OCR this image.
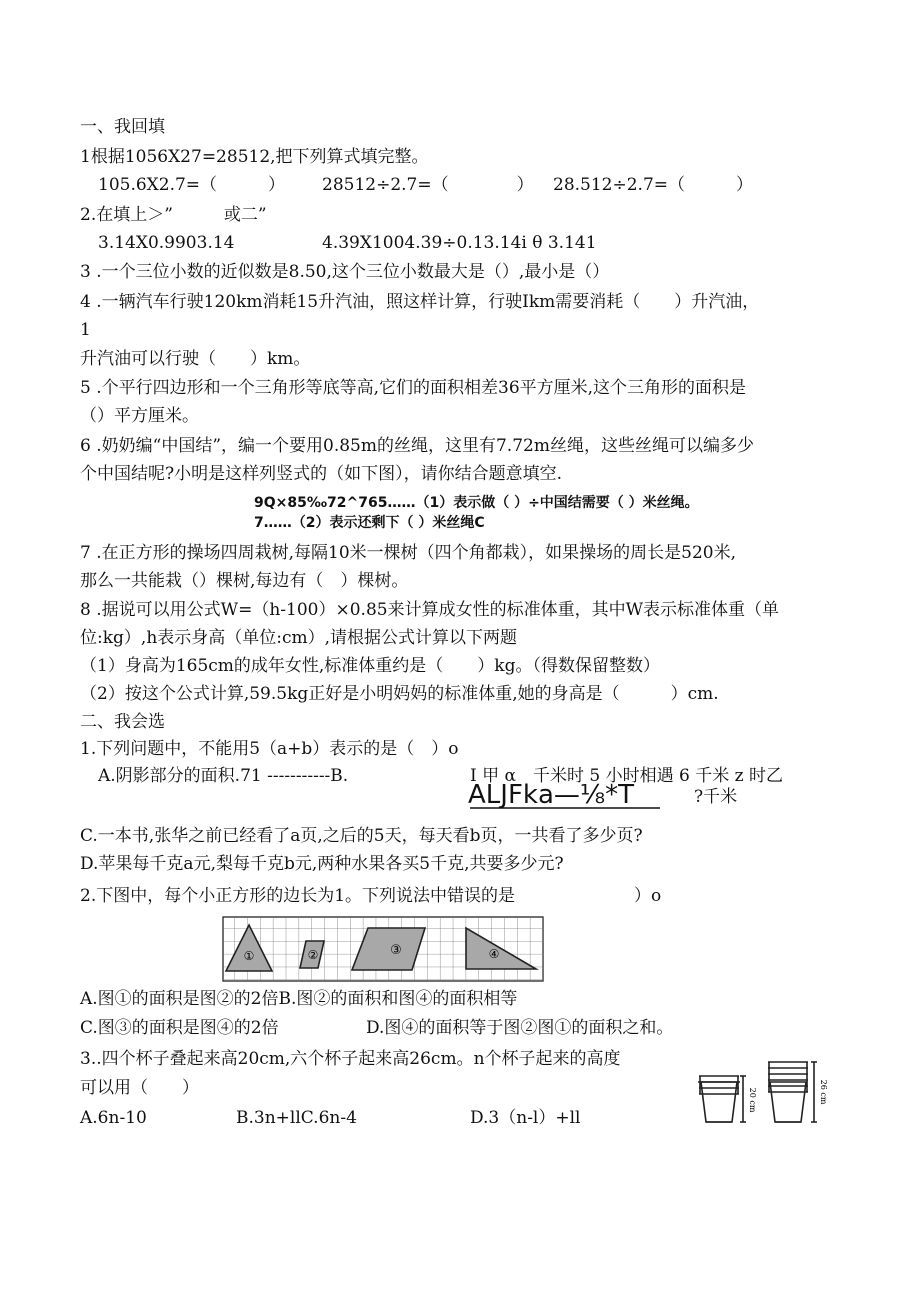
一、我回填
1根据1056X27=28512,把下列算式填完整。
105.6X2.7=（　　　） 28512÷2.7=（　　　　） 28.512÷2.7=（　　　）
2.在填上＞”　　　或二”
3.14X0.9903.14	4.39X1004.39÷0.13.14i θ 3.141
3 .一个三位小数的近似数是8.50,这个三位小数最大是（）,最小是（）
4 .一辆汽车行驶120km消耗15升汽油，照这样计算，行驶Ikm需要消耗（　　）升汽油，
1
升汽油可以行驶（　　）km。
5 .个平行四边形和一个三角形等底等高,它们的面积相差36平方厘米,这个三角形的面积是
（）平方厘米。
6 .奶奶编“中国结”，编一个要用0.85m的丝绳，这里有7.72m丝绳，这些丝绳可以编多少
个中国结呢?小明是这样列竖式的（如下图），请你结合题意填空.
9Q×85‰72^765……（1）表示做（ ）÷中国结需要（ ）米丝绳。
7……（2）表示还剩下（ ）米丝绳C
7 .在正方形的操场四周栽树,每隔10米一棵树（四个角都栽），如果操场的周长是520米,
那么一共能栽（）棵树,每边有（　）棵树。
8 .据说可以用公式W=（h-100）×0.85来计算成女性的标准体重，其中W表示标准体重（单
位:kg）,h表示身高（单位:cm）,请根据公式计算以下两题
（1）身高为165cm的成年女性,标准体重约是（　　）kg。（得数保留整数）
（2）按这个公式计算,59.5kg正好是小明妈妈的标准体重,她的身高是（　　　）cm.
二、我会选
1.下列问题中，不能用5（a+b）表示的是（　）o
A.阴影部分的面积.71 -----------B.	I 甲 α　千米时 5 小时相遇 6 千米 z 时乙
ΑLJFkа—⅛*T	?千米
C.一本书,张华之前已经看了a页,之后的5天，每天看b页，一共看了多少页?
D.苹果每千克a元,梨每千克b元,两种水果各买5千克,共要多少元?
2.下图中，每个小正方形的边长为1。下列说法中错误的是	）o
①	②	③	④
A.图①的面积是图②的2倍B.图②的面积和图④的面积相等
C.图③的面积是图④的2倍	D.图④的面积等于图②图①的面积之和。
3..四个杯子叠起来高20cm,六个杯子起来高26cm。n个杯子起来的高度
可以用（　　）
A.6n-10	B.3n+llC.6n-4	D.3（n-l）+ll
20 cm	26 cm
